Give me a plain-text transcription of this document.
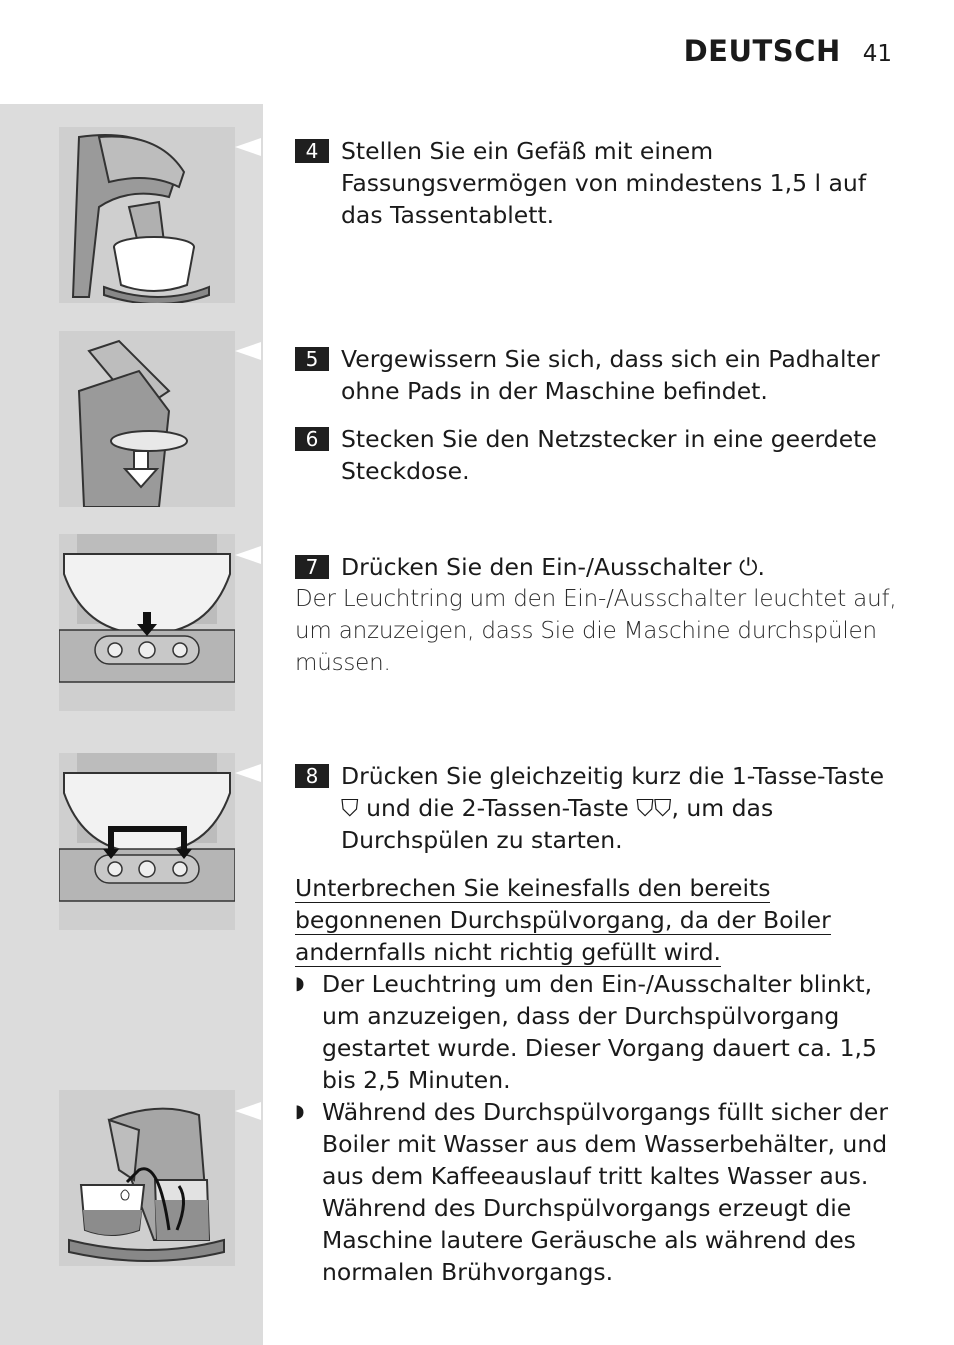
DEUTSCH 41
4 Stellen Sie ein Gefäß mit einem Fassungsvermögen von mindestens 1,5 l auf das Tassentablett.
5 Vergewissern Sie sich, dass sich ein Padhalter ohne Pads in der Maschine befindet.
6 Stecken Sie den Netzstecker in eine geerdete Steckdose.
7 Drücken Sie den Ein-/Ausschalter ⏻.
Der Leuchtring um den Ein-/Ausschalter leuchtet auf, um anzuzeigen, dass Sie die Maschine durchspülen müssen.
8 Drücken Sie gleichzeitig kurz die 1-Tasse-Taste ⛉ und die 2-Tassen-Taste ⛉⛉, um das Durchspülen zu starten.
Unterbrechen Sie keinesfalls den bereits
begonnenen Durchspülvorgang, da der Boiler
andernfalls nicht richtig gefüllt wird.
◗ Der Leuchtring um den Ein-/Ausschalter blinkt, um anzuzeigen, dass der Durchspülvorgang gestartet wurde. Dieser Vorgang dauert ca. 1,5 bis 2,5 Minuten.
◗ Während des Durchspülvorgangs füllt sicher der Boiler mit Wasser aus dem Wasserbehälter, und aus dem Kaffeeauslauf tritt kaltes Wasser aus. Während des Durchspülvorgangs erzeugt die Maschine lautere Geräusche als während des normalen Brühvorgangs.
